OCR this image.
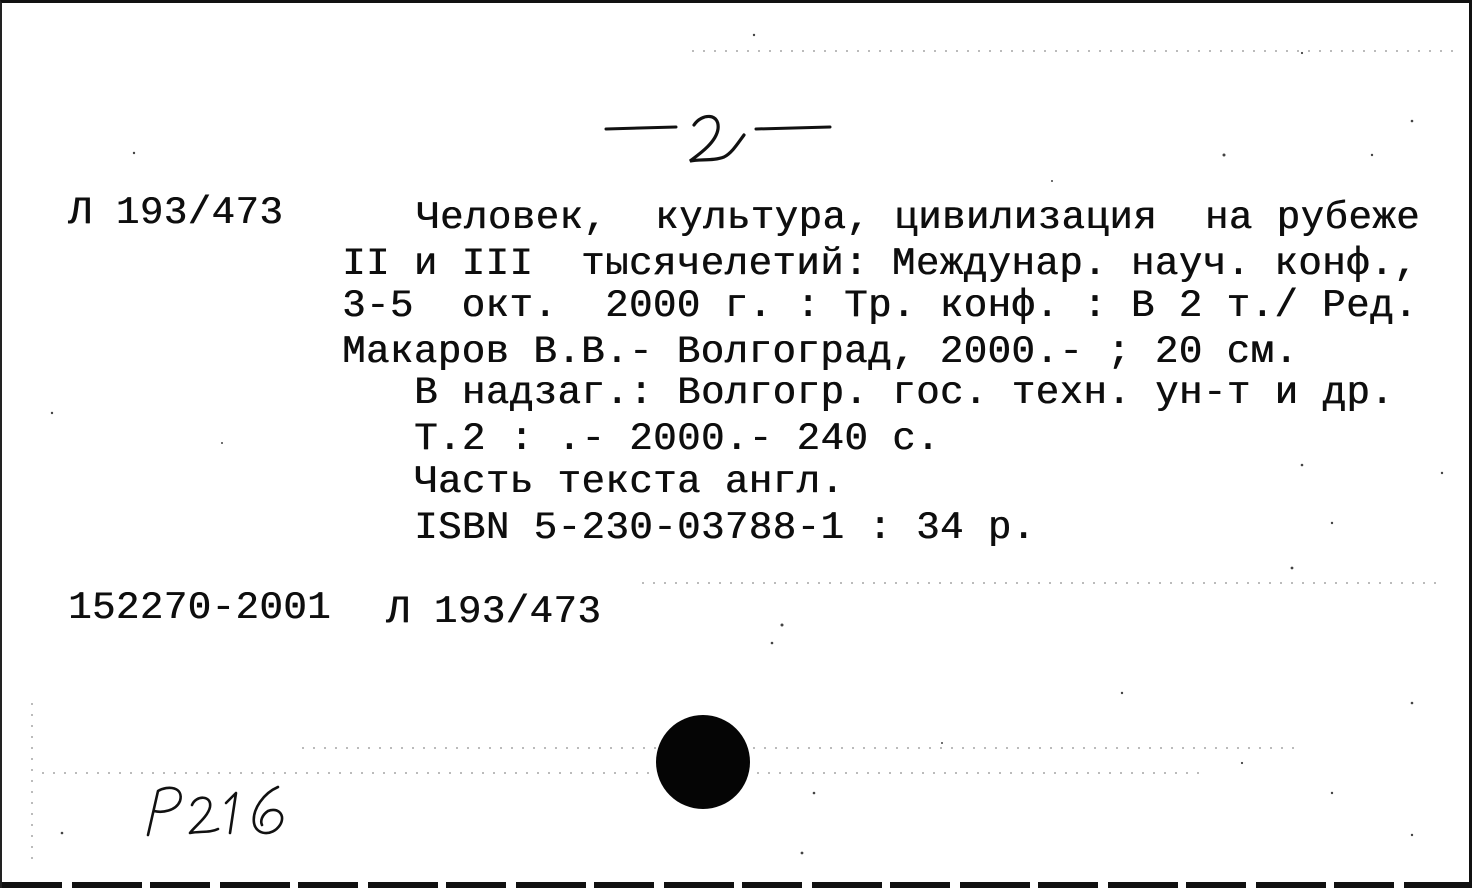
Л 193/473	Человек,  культура, цивилизация  на рубеже
II и III  тысячелетий: Междунар. науч. конф.,
3-5  окт.  2000 г. : Тр. конф. : В 2 т./ Ред.
Макаров В.В.- Волгоград, 2000.- ; 20 см.
В надзаг.: Волгогр. гос. техн. ун-т и др.
Т.2 : .- 2000.- 240 с.
Часть текста англ.
ISBN 5-230-03788-1 : 34 р.
152270-2001 Л 193/473
